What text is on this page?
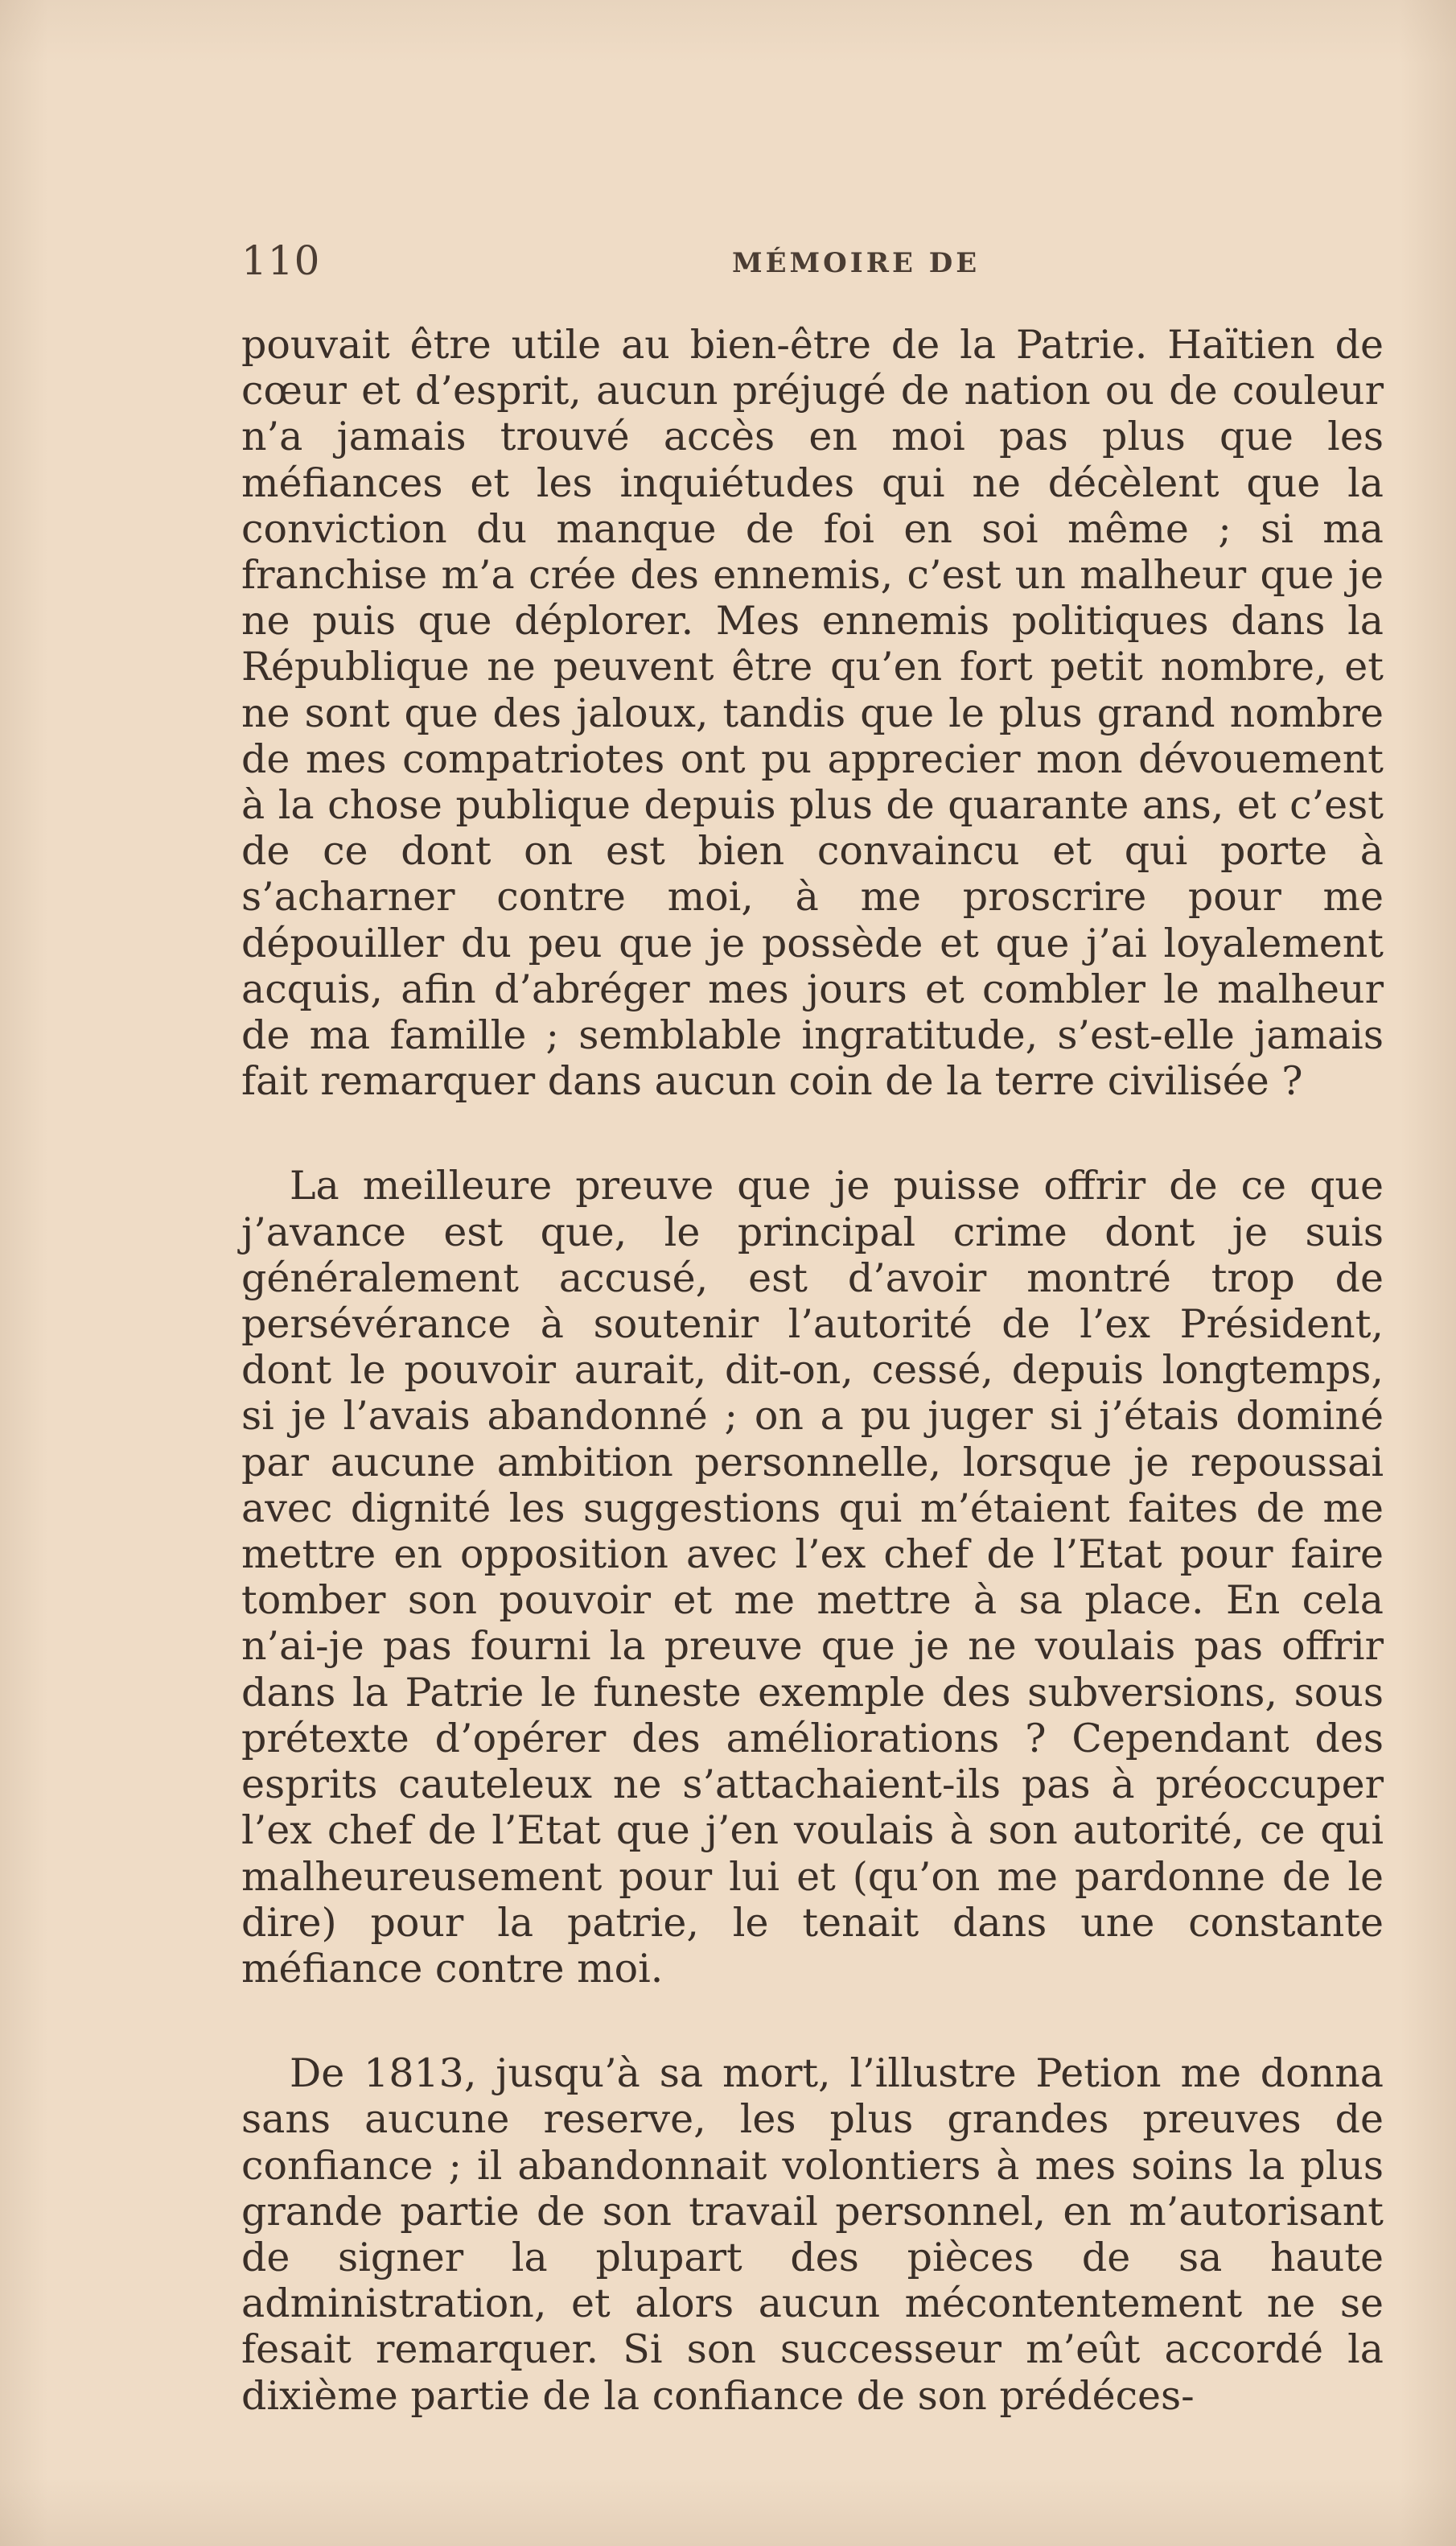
110	MÉMOIRE DE

pouvait être utile au bien-être de la Patrie. Haïtien de cœur et d’esprit, aucun préjugé de nation ou de couleur n’a jamais trouvé accès en moi pas plus que les méfiances et les inquiétudes qui ne décèlent que la conviction du manque de foi en soi même ; si ma franchise m’a crée des ennemis, c’est un malheur que je ne puis que déplorer. Mes ennemis politiques dans la République ne peuvent être qu’en fort petit nombre, et ne sont que des jaloux, tandis que le plus grand nombre de mes compatriotes ont pu apprecier mon dévouement à la chose publique depuis plus de quarante ans, et c’est de ce dont on est bien convaincu et qui porte à s’acharner contre moi, à me proscrire pour me dépouiller du peu que je possède et que j’ai loyalement acquis, afin d’abréger mes jours et combler le malheur de ma famille ; semblable ingratitude, s’est-elle jamais fait remarquer dans aucun coin de la terre civilisée ?

La meilleure preuve que je puisse offrir de ce que j’avance est que, le principal crime dont je suis généralement accusé, est d’avoir montré trop de persévérance à soutenir l’autorité de l’ex Président, dont le pouvoir aurait, dit-on, cessé, depuis longtemps, si je l’avais abandonné ; on a pu juger si j’étais dominé par aucune ambition personnelle, lorsque je repoussai avec dignité les suggestions qui m’étaient faites de me mettre en opposition avec l’ex chef de l’Etat pour faire tomber son pouvoir et me mettre à sa place. En cela n’ai-je pas fourni la preuve que je ne voulais pas offrir dans la Patrie le funeste exemple des subversions, sous prétexte d’opérer des améliorations ? Cependant des esprits cauteleux ne s’attachaient-ils pas à préoccuper l’ex chef de l’Etat que j’en voulais à son autorité, ce qui malheureusement pour lui et (qu’on me pardonne de le dire) pour la patrie, le tenait dans une constante méfiance contre moi.

De 1813, jusqu’à sa mort, l’illustre Petion me donna sans aucune reserve, les plus grandes preuves de confiance ; il abandonnait volontiers à mes soins la plus grande partie de son travail personnel, en m’autorisant de signer la plupart des pièces de sa haute administration, et alors aucun mécontentement ne se fesait remarquer. Si son successeur m’eût accordé la dixième partie de la confiance de son prédéces-
